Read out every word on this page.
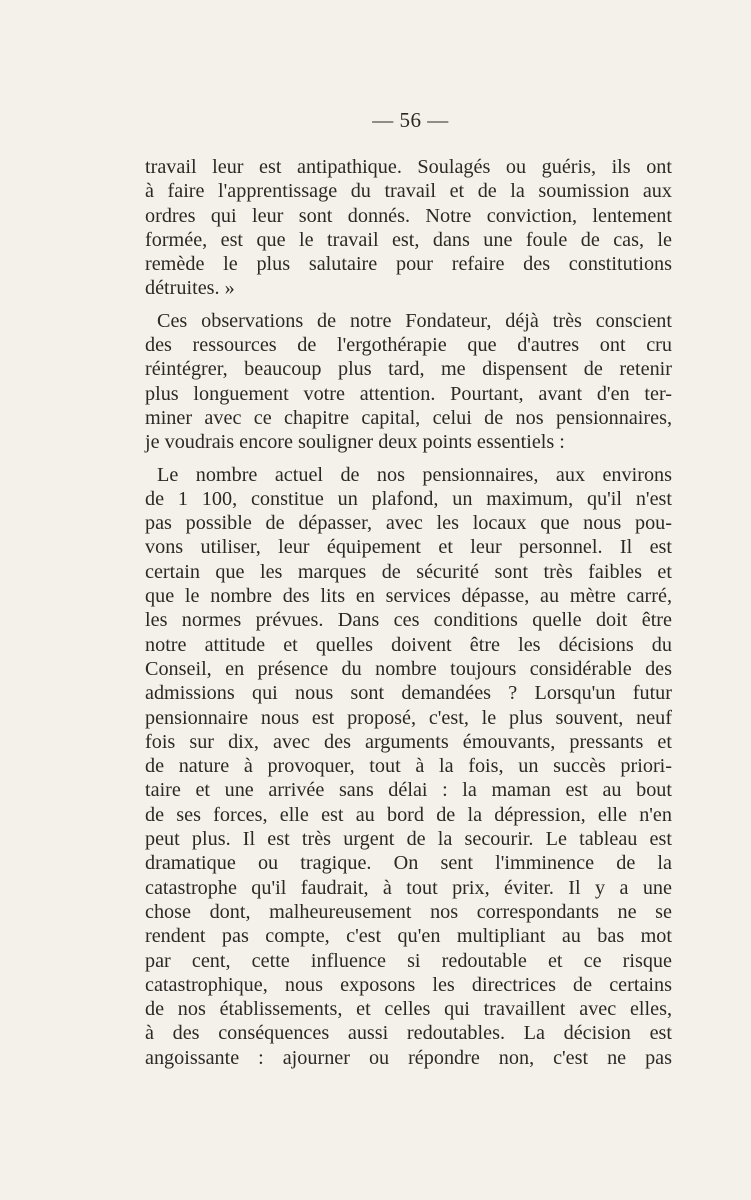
— 56 —
travail leur est antipathique. Soulagés ou guéris, ils ont
à faire l'apprentissage du travail et de la soumission aux
ordres qui leur sont donnés. Notre conviction, lentement
formée, est que le travail est, dans une foule de cas, le
remède le plus salutaire pour refaire des constitutions
détruites. »
Ces observations de notre Fondateur, déjà très conscient
des ressources de l'ergothérapie que d'autres ont cru
réintégrer, beaucoup plus tard, me dispensent de retenir
plus longuement votre attention. Pourtant, avant d'en ter-
miner avec ce chapitre capital, celui de nos pensionnaires,
je voudrais encore souligner deux points essentiels :
Le nombre actuel de nos pensionnaires, aux environs
de 1 100, constitue un plafond, un maximum, qu'il n'est
pas possible de dépasser, avec les locaux que nous pou-
vons utiliser, leur équipement et leur personnel. Il est
certain que les marques de sécurité sont très faibles et
que le nombre des lits en services dépasse, au mètre carré,
les normes prévues. Dans ces conditions quelle doit être
notre attitude et quelles doivent être les décisions du
Conseil, en présence du nombre toujours considérable des
admissions qui nous sont demandées ? Lorsqu'un futur
pensionnaire nous est proposé, c'est, le plus souvent, neuf
fois sur dix, avec des arguments émouvants, pressants et
de nature à provoquer, tout à la fois, un succès priori-
taire et une arrivée sans délai : la maman est au bout
de ses forces, elle est au bord de la dépression, elle n'en
peut plus. Il est très urgent de la secourir. Le tableau est
dramatique ou tragique. On sent l'imminence de la
catastrophe qu'il faudrait, à tout prix, éviter. Il y a une
chose dont, malheureusement nos correspondants ne se
rendent pas compte, c'est qu'en multipliant au bas mot
par cent, cette influence si redoutable et ce risque
catastrophique, nous exposons les directrices de certains
de nos établissements, et celles qui travaillent avec elles,
à des conséquences aussi redoutables. La décision est
angoissante : ajourner ou répondre non, c'est ne pas
